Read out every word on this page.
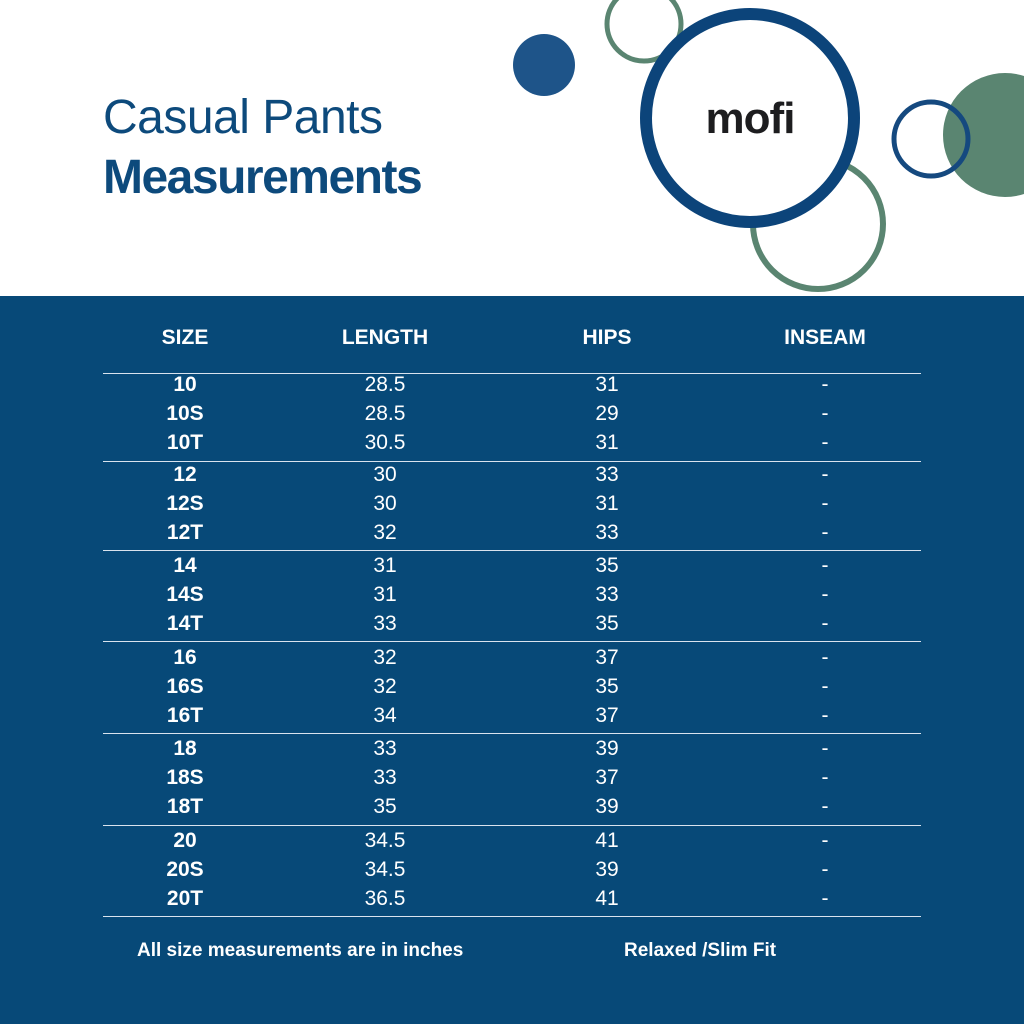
Casual Pants
Measurements
mofi
SIZE	LENGTH	HIPS	INSEAM
10	28.5	31	-
10S	28.5	29	-
10T	30.5	31	-
12	30	33	-
12S	30	31	-
12T	32	33	-
14	31	35	-
14S	31	33	-
14T	33	35	-
16	32	37	-
16S	32	35	-
16T	34	37	-
18	33	39	-
18S	33	37	-
18T	35	39	-
20	34.5	41	-
20S	34.5	39	-
20T	36.5	41	-
All size measurements are in inches	Relaxed /Slim Fit
